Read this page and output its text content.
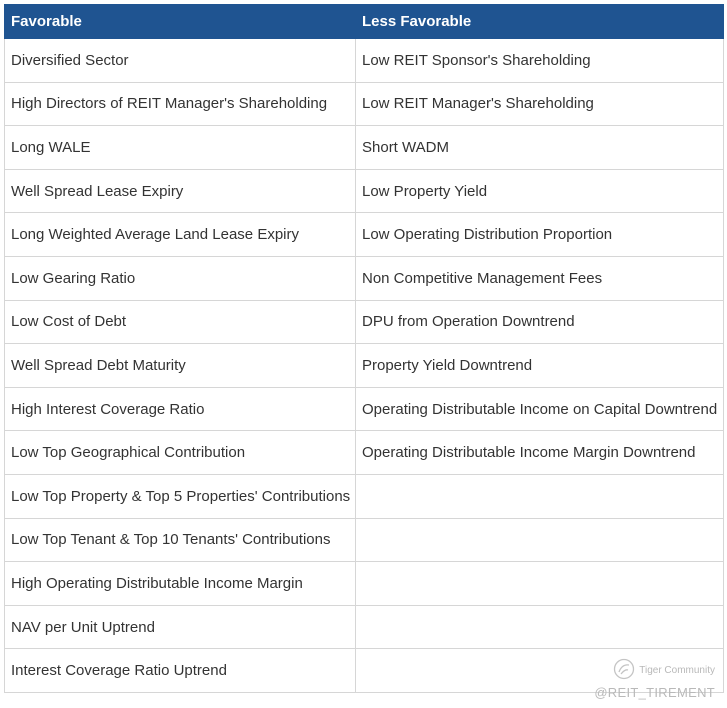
Favorable	Less Favorable
Diversified Sector	Low REIT Sponsor's Shareholding
High Directors of REIT Manager's Shareholding	Low REIT Manager's Shareholding
Long WALE	Short WADM
Well Spread Lease Expiry	Low Property Yield
Long Weighted Average Land Lease Expiry	Low Operating Distribution Proportion
Low Gearing Ratio	Non Competitive Management Fees
Low Cost of Debt	DPU from Operation Downtrend
Well Spread Debt Maturity	Property Yield Downtrend
High Interest Coverage Ratio	Operating Distributable Income on Capital Downtrend
Low Top Geographical Contribution	Operating Distributable Income Margin Downtrend
Low Top Property & Top 5 Properties' Contributions	
Low Top Tenant & Top 10 Tenants' Contributions	
High Operating Distributable Income Margin	
NAV per Unit Uptrend	
Interest Coverage Ratio Uptrend		Tiger Community
@REIT_TIREMENT
